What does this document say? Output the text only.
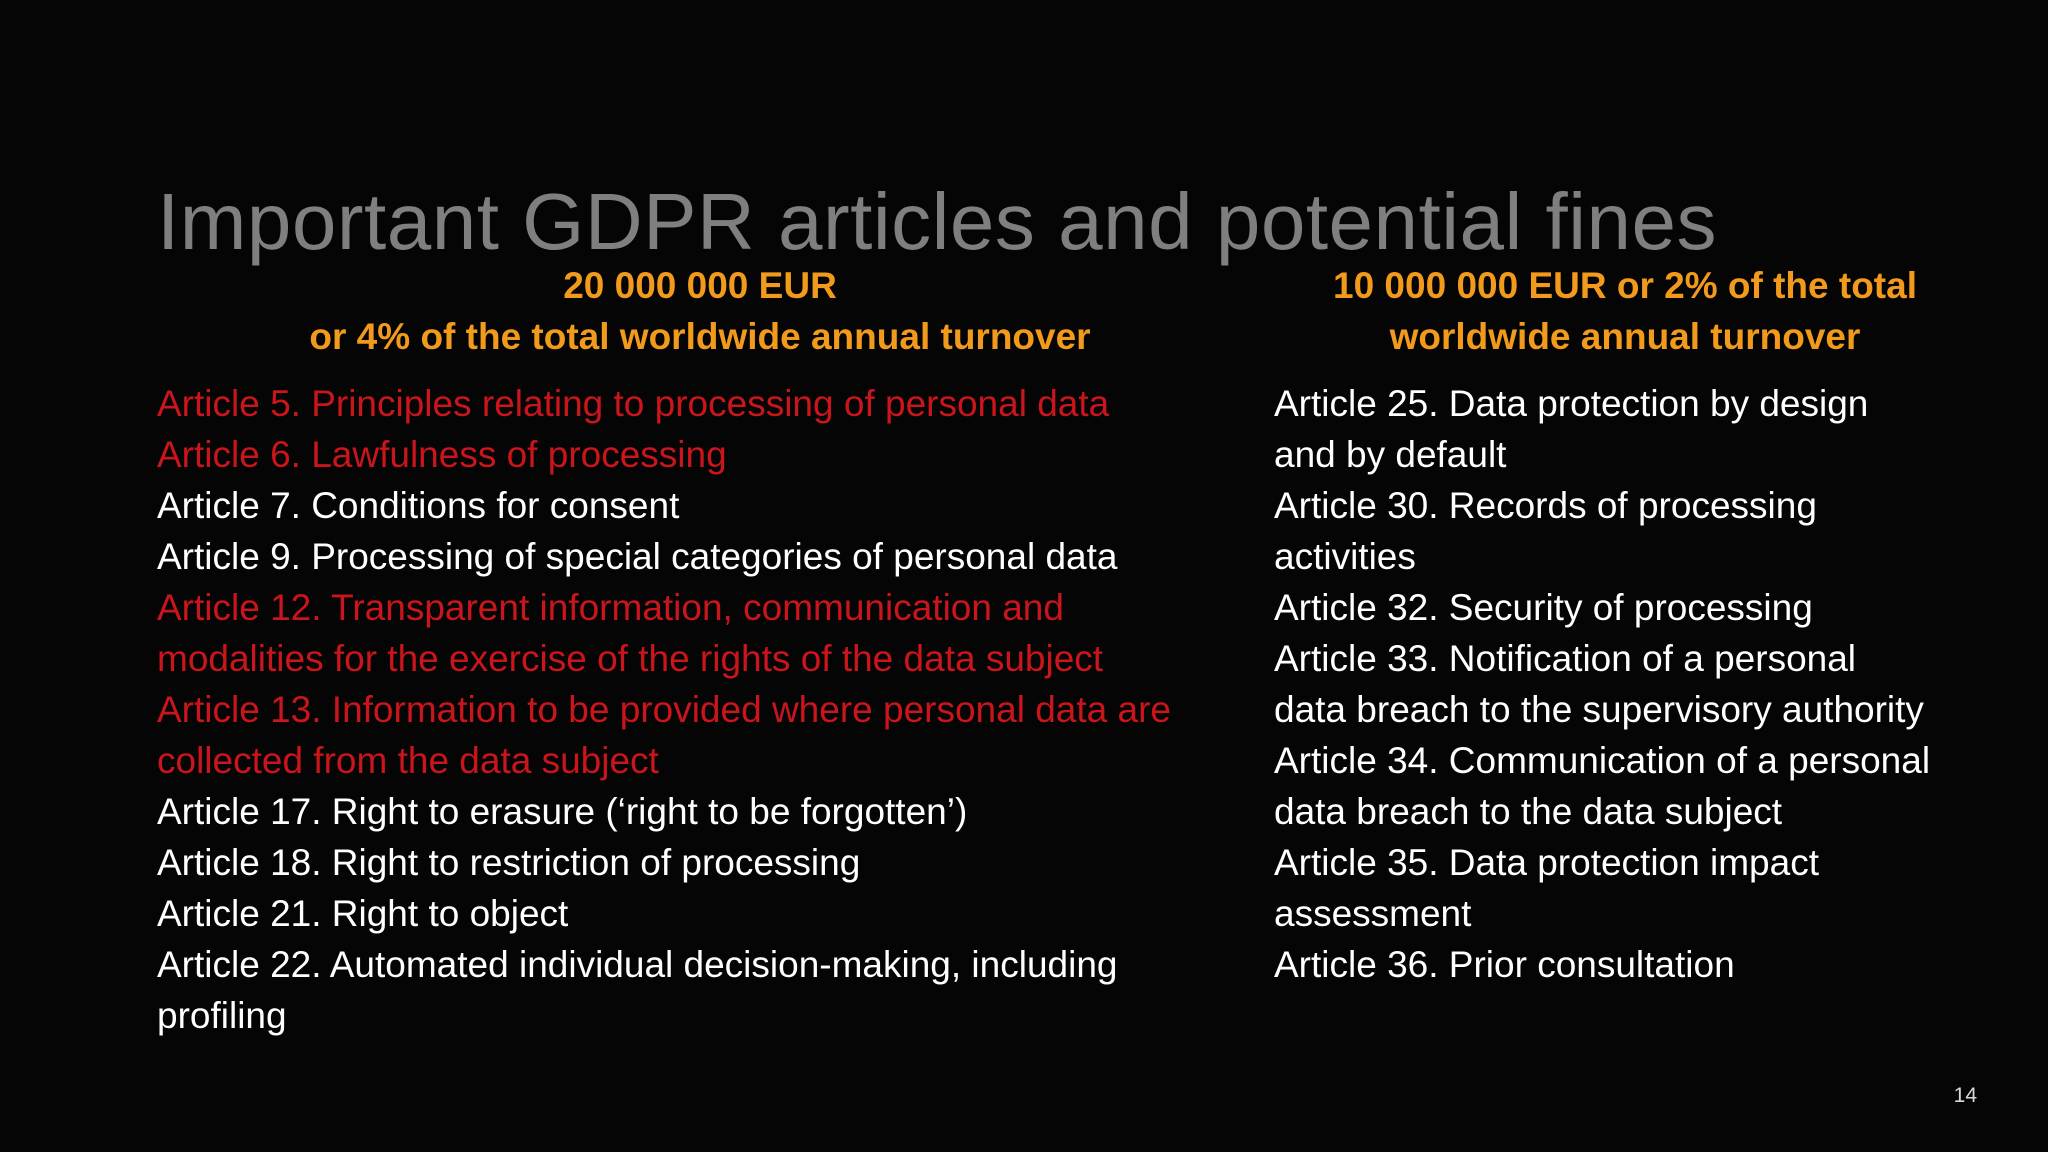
Important GDPR articles and potential fines
20 000 000 EUR
or 4% of the total worldwide annual turnover
10 000 000 EUR or 2% of the total
worldwide annual turnover
Article 5. Principles relating to processing of personal data
Article 6. Lawfulness of processing
Article 7. Conditions for consent
Article 9. Processing of special categories of personal data
Article 12. Transparent information, communication and
modalities for the exercise of the rights of the data subject
Article 13. Information to be provided where personal data are
collected from the data subject
Article 17. Right to erasure (‘right to be forgotten’)
Article 18. Right to restriction of processing
Article 21. Right to object
Article 22. Automated individual decision-making, including
profiling
Article 25. Data protection by design
and by default
Article 30. Records of processing
activities
Article 32. Security of processing
Article 33. Notification of a personal
data breach to the supervisory authority
Article 34. Communication of a personal
data breach to the data subject
Article 35. Data protection impact
assessment
Article 36. Prior consultation
14
